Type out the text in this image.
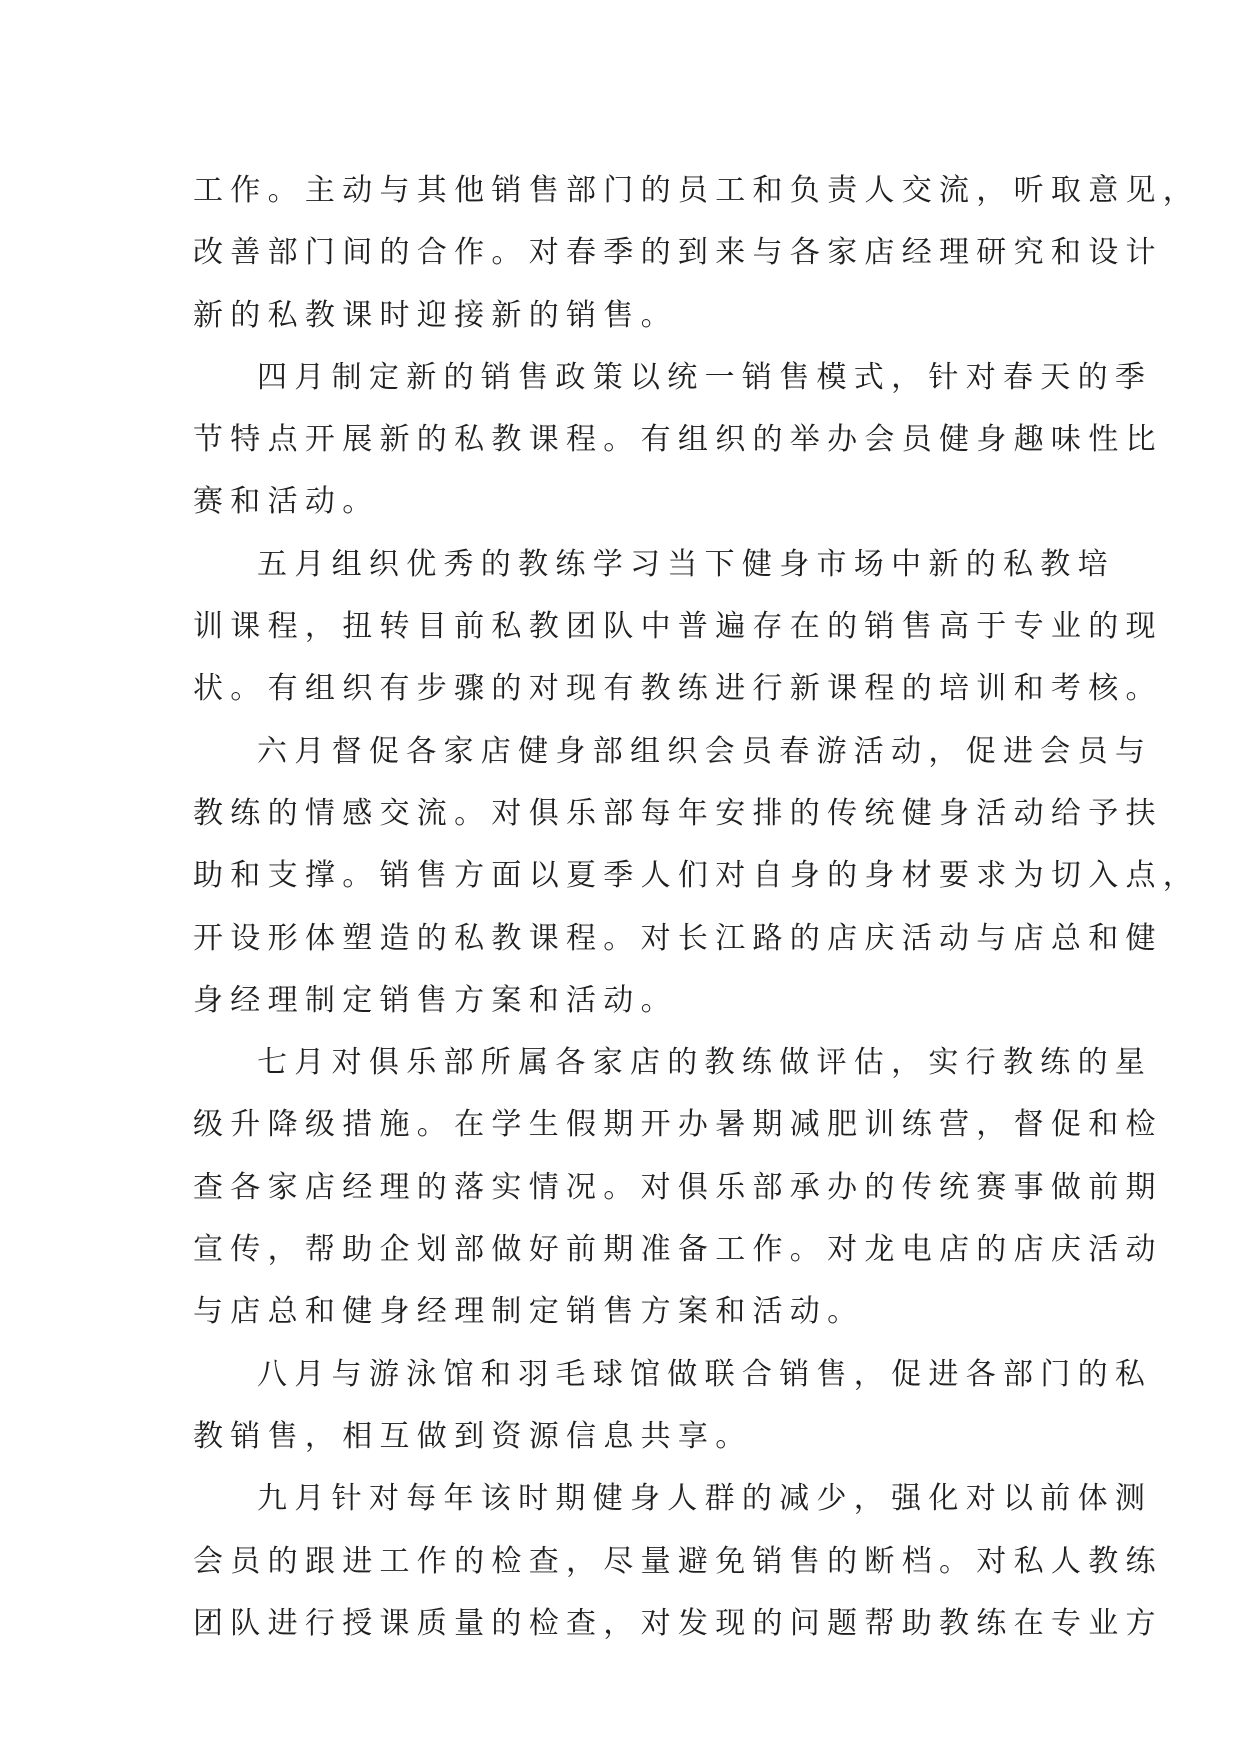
工作。主动与其他销售部门的员工和负责人交流，听取意见，
改善部门间的合作。对春季的到来与各家店经理研究和设计
新的私教课时迎接新的销售。
四月制定新的销售政策以统一销售模式，针对春天的季
节特点开展新的私教课程。有组织的举办会员健身趣味性比
赛和活动。
五月组织优秀的教练学习当下健身市场中新的私教培
训课程，扭转目前私教团队中普遍存在的销售高于专业的现
状。有组织有步骤的对现有教练进行新课程的培训和考核。
六月督促各家店健身部组织会员春游活动，促进会员与
教练的情感交流。对俱乐部每年安排的传统健身活动给予扶
助和支撑。销售方面以夏季人们对自身的身材要求为切入点，
开设形体塑造的私教课程。对长江路的店庆活动与店总和健
身经理制定销售方案和活动。
七月对俱乐部所属各家店的教练做评估，实行教练的星
级升降级措施。在学生假期开办暑期减肥训练营，督促和检
查各家店经理的落实情况。对俱乐部承办的传统赛事做前期
宣传，帮助企划部做好前期准备工作。对龙电店的店庆活动
与店总和健身经理制定销售方案和活动。
八月与游泳馆和羽毛球馆做联合销售，促进各部门的私
教销售，相互做到资源信息共享。
九月针对每年该时期健身人群的减少，强化对以前体测
会员的跟进工作的检查，尽量避免销售的断档。对私人教练
团队进行授课质量的检查，对发现的问题帮助教练在专业方
